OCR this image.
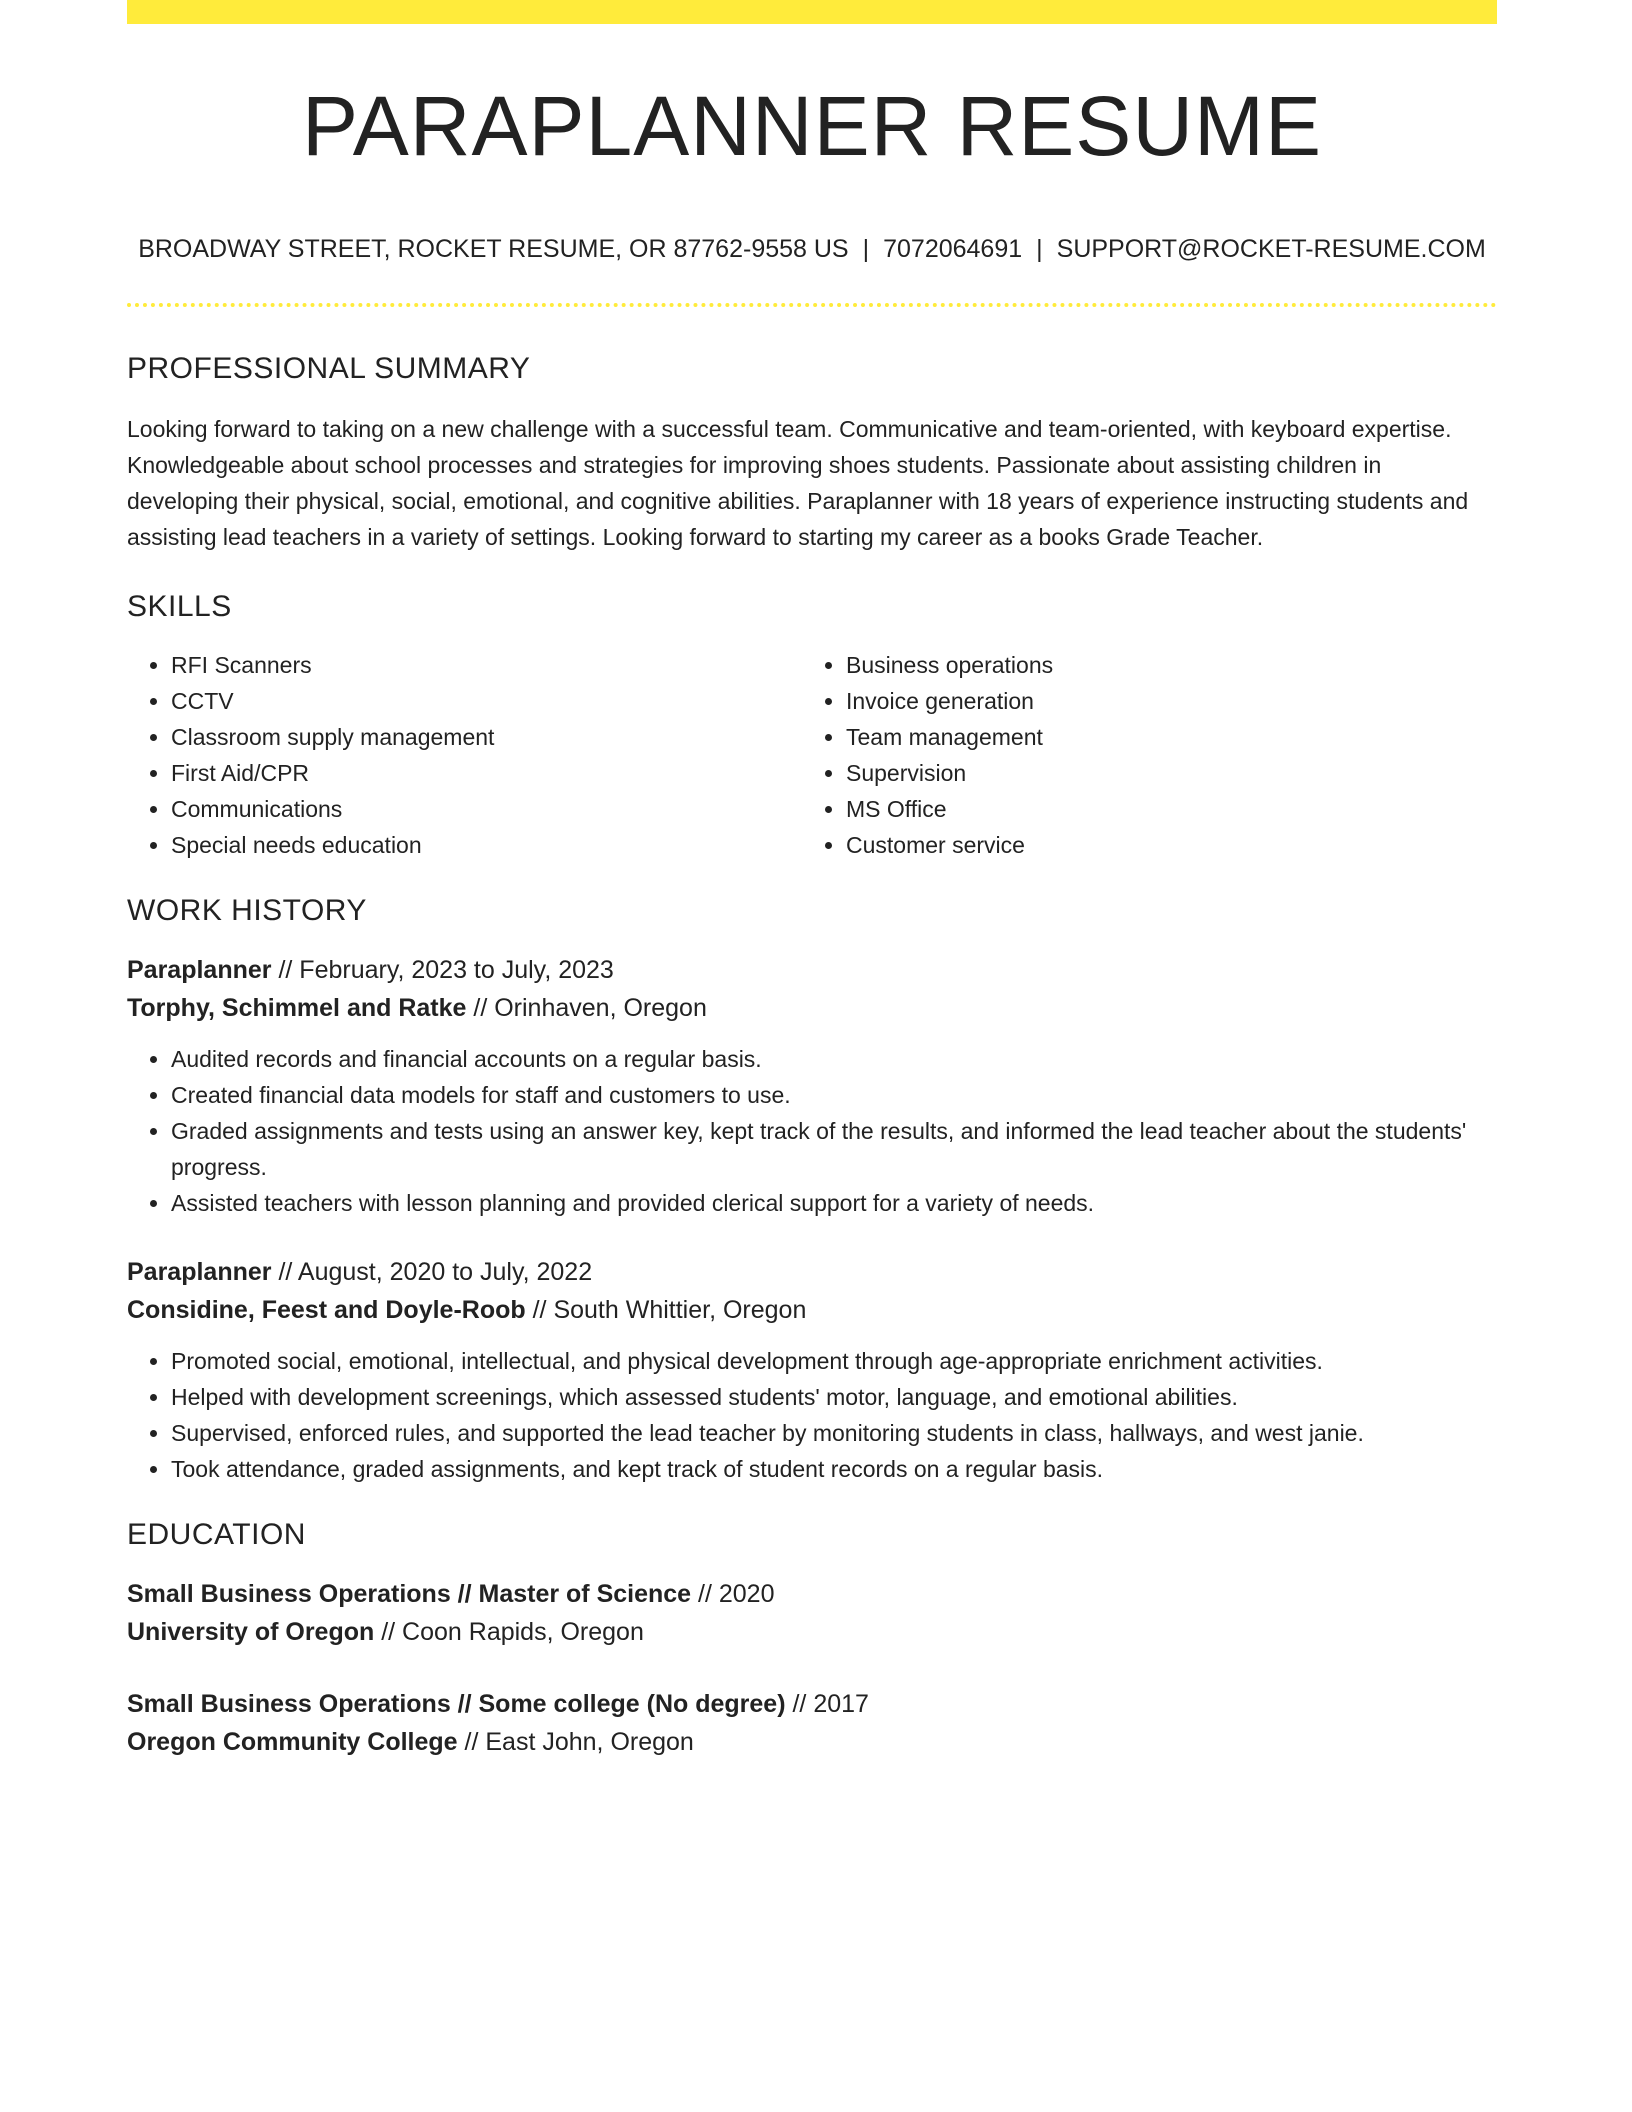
PARAPLANNER RESUME
BROADWAY STREET, ROCKET RESUME, OR 87762-9558 US | 7072064691 | SUPPORT@ROCKET-RESUME.COM
PROFESSIONAL SUMMARY

Looking forward to taking on a new challenge with a successful team. Communicative and team-oriented, with keyboard expertise. Knowledgeable about school processes and strategies for improving shoes students. Passionate about assisting children in developing their physical, social, emotional, and cognitive abilities. Paraplanner with 18 years of experience instructing students and assisting lead teachers in a variety of settings. Looking forward to starting my career as a books Grade Teacher.

SKILLS
• RFI Scanners
• CCTV
• Classroom supply management
• First Aid/CPR
• Communications
• Special needs education
• Business operations
• Invoice generation
• Team management
• Supervision
• MS Office
• Customer service
WORK HISTORY
Paraplanner // February, 2023 to July, 2023
Torphy, Schimmel and Ratke // Orinhaven, Oregon
• Audited records and financial accounts on a regular basis.
• Created financial data models for staff and customers to use.
• Graded assignments and tests using an answer key, kept track of the results, and informed the lead teacher about the students' progress.
• Assisted teachers with lesson planning and provided clerical support for a variety of needs.
Paraplanner // August, 2020 to July, 2022
Considine, Feest and Doyle-Roob // South Whittier, Oregon
• Promoted social, emotional, intellectual, and physical development through age-appropriate enrichment activities.
• Helped with development screenings, which assessed students' motor, language, and emotional abilities.
• Supervised, enforced rules, and supported the lead teacher by monitoring students in class, hallways, and west janie.
• Took attendance, graded assignments, and kept track of student records on a regular basis.
EDUCATION
Small Business Operations // Master of Science // 2020
University of Oregon // Coon Rapids, Oregon
Small Business Operations // Some college (No degree) // 2017
Oregon Community College // East John, Oregon
